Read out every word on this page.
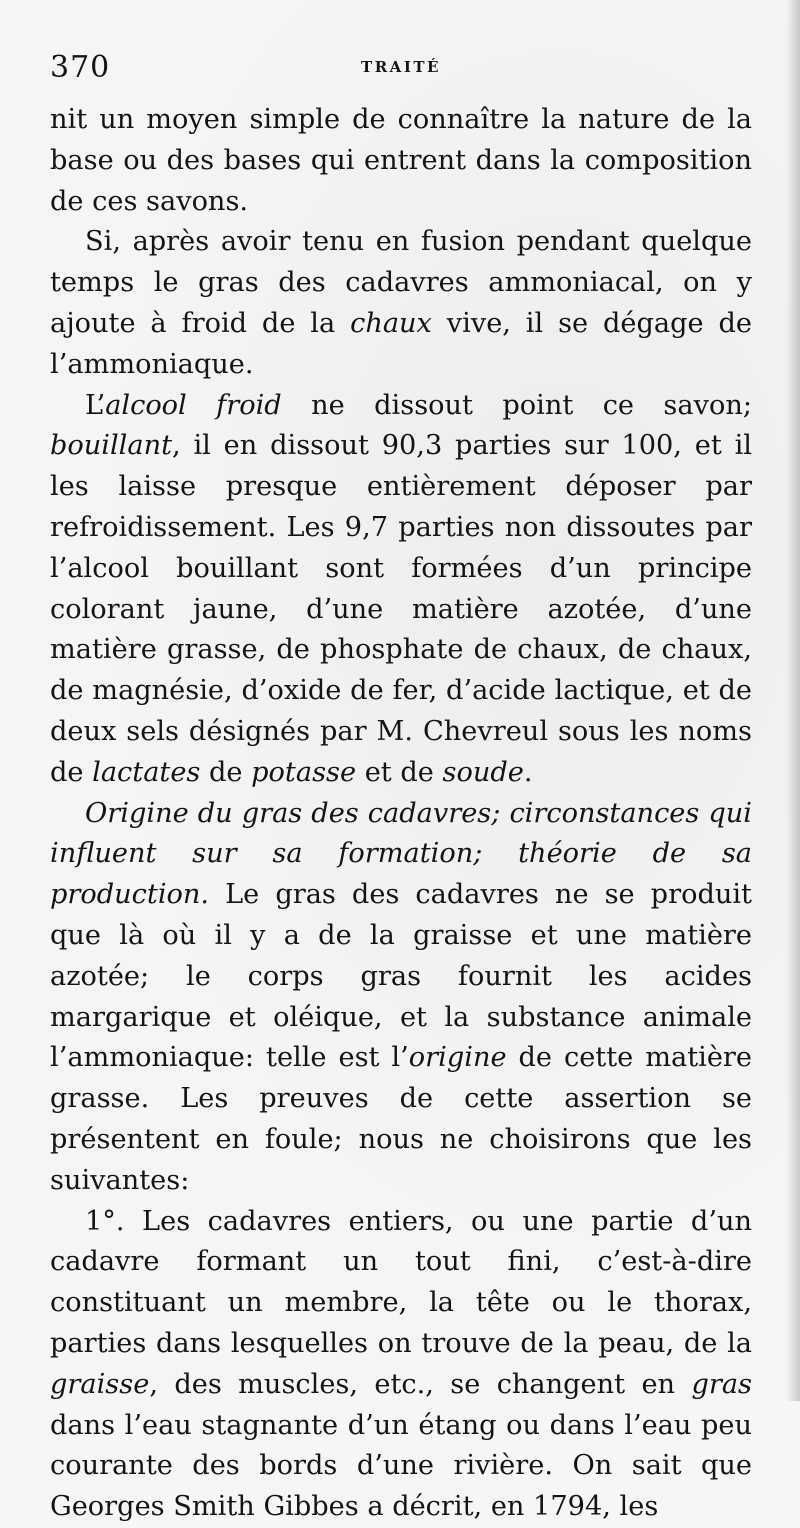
370	TRAITÉ

nit un moyen simple de connaître la nature de la base ou des bases qui entrent dans la composition de ces savons.

Si, après avoir tenu en fusion pendant quelque temps le gras des cadavres ammoniacal, on y ajoute à froid de la chaux vive, il se dégage de l’ammoniaque.

L’alcool froid ne dissout point ce savon; bouillant, il en dissout 90,3 parties sur 100, et il les laisse presque entièrement déposer par refroidissement. Les 9,7 parties non dissoutes par l’alcool bouillant sont formées d’un principe colorant jaune, d’une matière azotée, d’une matière grasse, de phosphate de chaux, de chaux, de magnésie, d’oxide de fer, d’acide lactique, et de deux sels désignés par M. Chevreul sous les noms de lactates de potasse et de soude.

Origine du gras des cadavres; circonstances qui influent sur sa formation; théorie de sa production. Le gras des cadavres ne se produit que là où il y a de la graisse et une matière azotée; le corps gras fournit les acides margarique et oléique, et la substance animale l’ammoniaque: telle est l’origine de cette matière grasse. Les preuves de cette assertion se présentent en foule; nous ne choisirons que les suivantes:

1°. Les cadavres entiers, ou une partie d’un cadavre formant un tout fini, c’est-à-dire constituant un membre, la tête ou le thorax, parties dans lesquelles on trouve de la peau, de la graisse, des muscles, etc., se changent en gras dans l’eau stagnante d’un étang ou dans l’eau peu courante des bords d’une rivière. On sait que Georges Smith Gibbes a décrit, en 1794, les
